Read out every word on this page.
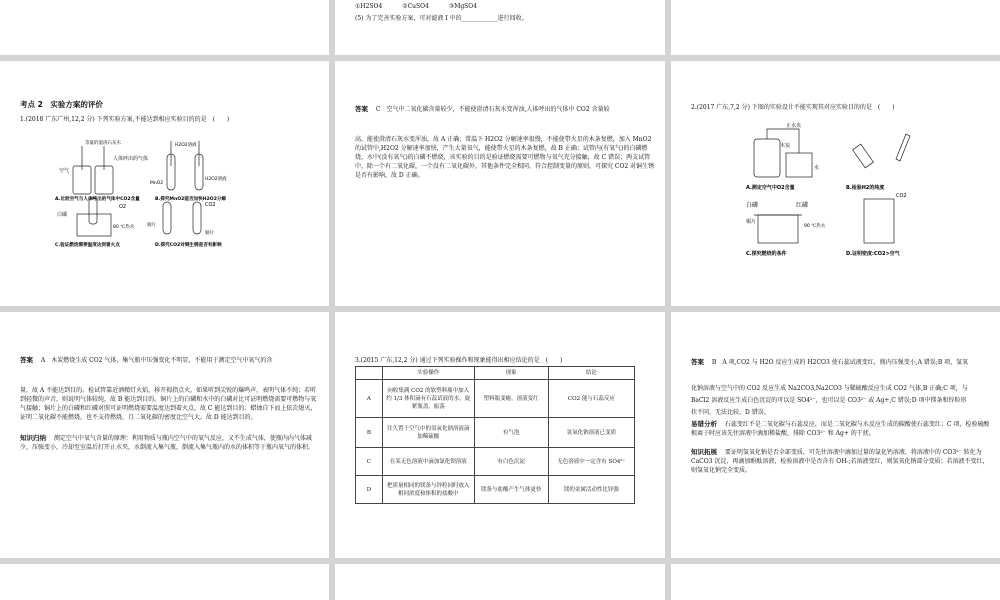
①H2SO4　　　	②CuSO4　　　	③MgSO4
(5) 为了完善实验方案，可对滤液 I 中的____________进行回收。
考点 2　实验方案的评价
1.(2018 广东广州,12,2 分) 下列实验方案,不能达到相应实验目的的是　(　　)
空气
人体呼出的气体
等量的澄清石灰水	H2O2溶液
MnO2
H2O2溶液
白磷
80 ℃热水
O2
铜片
CO2
铜片
A.比较空气与人体呼出的气体中CO2含量	B.探究MnO2能否加快H2O2分解
C.验证燃烧需要温度达到着火点	D.探究CO2对铜生锈是否有影响
答案　 C　空气中二氧化碳含量较少，不能使澄清石灰水变浑浊,人体呼出的气体中 CO2 含量较
高，能使澄清石灰水变浑浊，故 A 正确；常温下 H2O2 分解速率很慢，不能使带火星的木条复燃，加入 MnO2 的试管中,H2O2 分解速率加快，产生大量氧气，能使带火星的木条复燃，故 B 正确；试管内(有氧气)的白磷燃烧，水中(没有氧气)的白磷不燃烧，该实验的目的是验证燃烧需要可燃物与氧气充分接触，故 C 错误；两支试管中，除一个有二氧化碳，一个没有二氧化碳外，其他条件完全相同，符合控制变量的原则，可探究 CO2 对铜生锈是否有影响，故 D 正确。
2.(2017 广东,7,2 分) 下图的实验设计不能实现其对应实验目的的是　(　　)
止水夹
木炭
水
白磷	红磷
铜片
90 ℃热水
CO2
A.测定空气中O2含量	B.检验H2的纯度
C.探究燃烧的条件	D.证明密度:CO2>空气
答案　 A　木炭燃烧生成 CO2 气体，集气瓶中压强变化不明显，不能用于测定空气中氧气的含
量，故 A 不能达到目的。检试管靠近酒精灯火焰，移开拇指点火，如果听到尖锐的爆鸣声，表明气体不纯；若听到轻微的声音，则说明气体较纯，故 B 能达到目的。铜片上的白磷和水中的白磷对比可证明燃烧需要可燃物与氧气接触；铜片上的白磷和红磷对照可证明燃烧需要温度达到着火点，故 C 能达到目的；蜡烛自下而上依次熄灭，证明二氧化碳不能燃烧，也不支持燃烧，且二氧化碳的密度比空气大，故 D 能达到目的。
知识归纳　 测定空气中氧气含量的原理：利用物质与瓶内空气中的氧气反应，又不生成气体，使瓶内内气体减少，压强变小，冷却至室温后打开止水夹，水倒流入集气瓶，倒流入集气瓶内的水的体积等于瓶内氧气的体积。
3.(2015 广东,12,2 分) 通过下列实验操作和现象能得出相应结论的是　(　　)
	实验操作	现象	结论
A	向收集满 CO2 的软塑料瓶中加入约 1/3 体积滴有石蕊试液的水，旋紧瓶盖，振荡	塑料瓶变瘪，溶液变红	CO2 能与石蕊反应
B	往久置于空气中的氢氧化钠溶液滴加稀硫酸	有气泡	氢氧化钠溶液已变质
C	在某无色溶液中滴加氯化钡溶液	有白色沉淀	无色溶液中一定含有 SO4²⁻
D	把质量相同的镁条与锌粒同时放入相同浓度和体积的盐酸中	镁条与盐酸产生气体更快	镁的金属活动性比锌强
答案　 B　A 项,CO2 与 H2O 反应生成的 H2CO3 使石蕊试液变红，瓶内压强变小,A 错误;B 项，氢氧
化钠溶液与空气中的 CO2 反应生成 Na2CO3,Na2CO3 与稀硫酸反应生成 CO2 气体,B 正确;C 项，与
BaCl2 溶液反应生成白色沉淀的可以是 SO4²⁻，也可以是 CO3²⁻ 或 Ag+,C 错误;D 项中镁条和锌粒形
状不同，无法比较，D 错误。
易错分析　 石蕊变红不是二氧化碳与石蕊反应，而是二氧化碳与水反应生成的碳酸使石蕊变红；C 项，检验硫酸根离子时应该先往溶液中滴加稀盐酸，排除 CO3²⁻ 和 Ag+ 的干扰。
知识拓展　 要证明氢氧化钠是否全部变质，可先往溶液中滴加过量的氯化钙溶液，将溶液中的 CO3²⁻ 转化为 CaCO3 沉淀，再滴加酚酞溶液，检验溶液中是否含有 OH-;若溶液变红，则氢氧化钠部分变质；若溶液不变红，则氢氧化钠完全变质。
